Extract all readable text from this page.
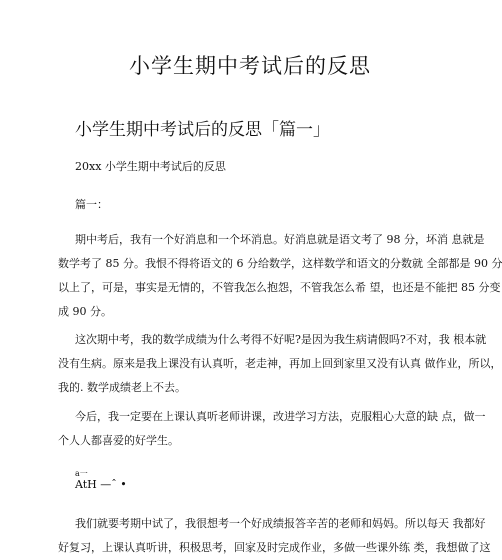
小学生期中考试后的反思
小学生期中考试后的反思「篇一」
20xx 小学生期中考试后的反思
篇一：

期中考后，我有一个好消息和一个坏消息。好消息就是语文考了 98 分，坏消 息就是
数学考了 85 分。我恨不得将语文的 6 分给数学，这样数学和语文的分数就 全部都是 90 分
以上了，可是，事实是无情的，不管我怎么抱怨，不管我怎么希 望，也还是不能把 85 分变
成 90 分。

这次期中考，我的数学成绩为什么考得不好呢?是因为我生病请假吗?不对，我 根本就
没有生病。原来是我上课没有认真听，老走神，再加上回到家里又没有认真 做作业，所以，
我的. 数学成绩老上不去。

今后，我一定要在上课认真听老师讲课，改进学习方法，克服粗心大意的缺 点，做一
个人人都喜爱的好学生。

a一
AtH —ˆ •

我们就要考期中试了，我很想考一个好成绩报答辛苦的老师和妈妈。所以每天 我都好
好复习，上课认真听讲，积极思考，回家及时完成作业，多做一些课外练 类，我想做了这
